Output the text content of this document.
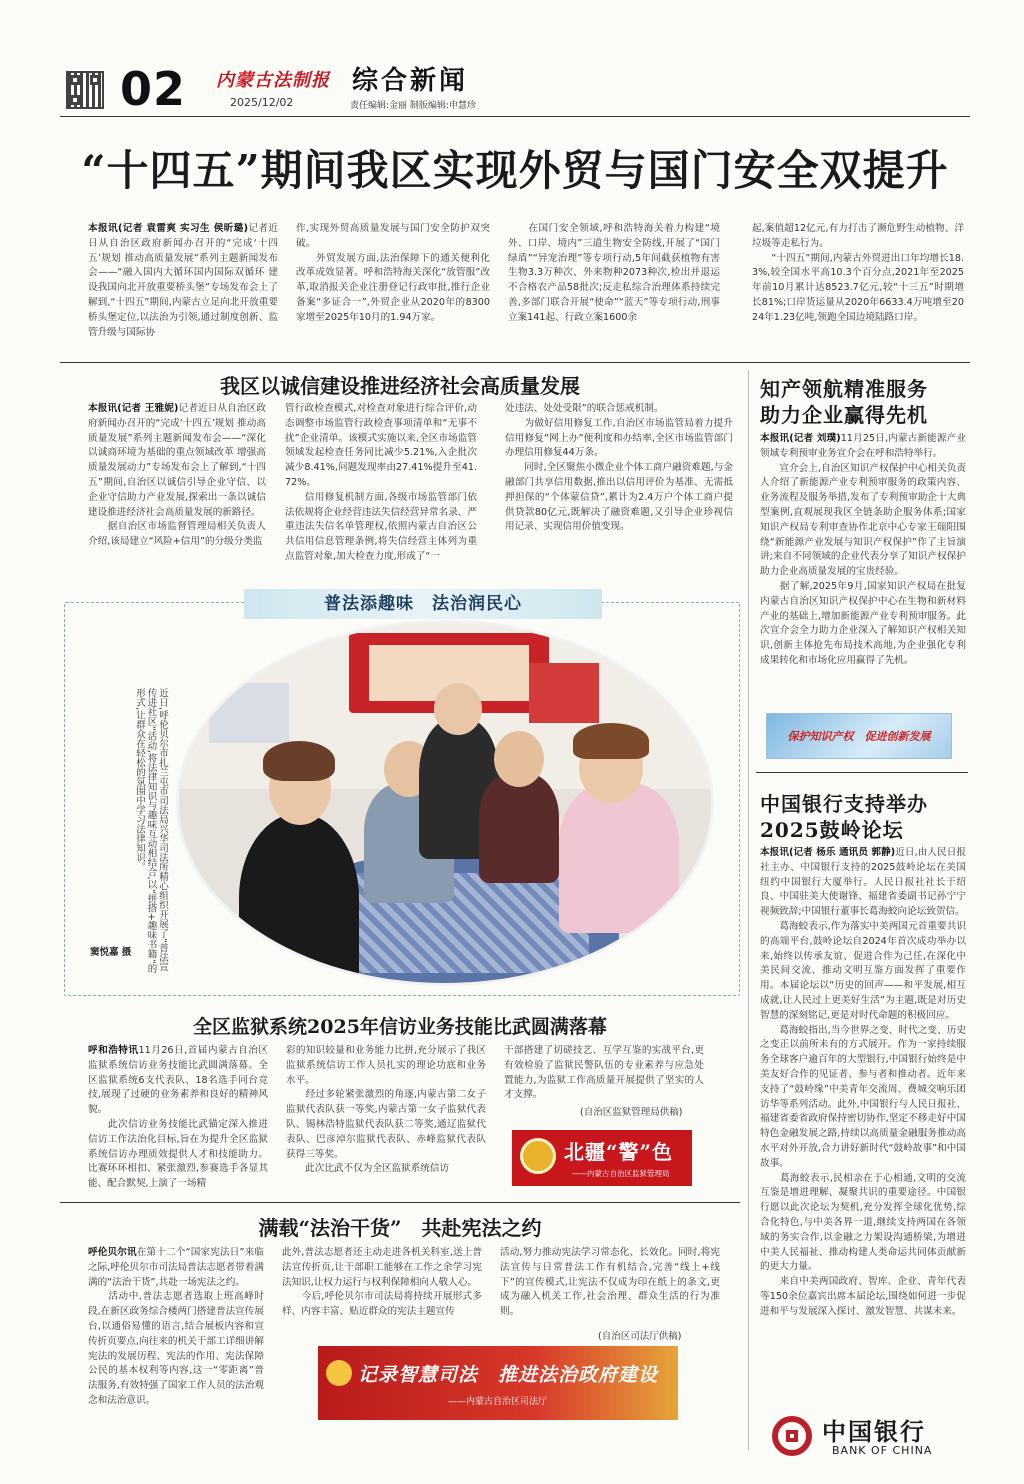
02 内蒙古法制报
2025/12/02
综合新闻
责任编辑:金丽 制版编辑:申慧珍
“十四五”期间我区实现外贸与国门安全双提升
本报讯(记者 袁雷爽 实习生 侯昕璐)记者近日从自治区政府新闻办召开的“完成‘十四五’规划 推动高质量发展”系列主题新闻发布会——“融入国内大循环国内国际双循环 建设我国向北开放重要桥头堡”专场发布会上了解到,“十四五”期间,内蒙古立足向北开放重要桥头堡定位,以法治为引领,通过制度创新、监管升级与国际协
作,实现外贸高质量发展与国门安全防护双突破。
　　外贸发展方面,法治保障下的通关便利化改革成效显著。呼和浩特海关深化“放管服”改革,取消报关企业注册登记行政审批,推行企业备案“多证合一”,外贸企业从2020年的8300家增至2025年10月的1.94万家。
　　在国门安全领域,呼和浩特海关着力构建“境外、口岸、境内”三道生物安全防线,开展了“国门绿盾”“异宠治理”等专项行动,5年间截获植物有害生物3.3万种次、外来物种2073种次,检出并退运不合格农产品58批次;反走私综合治理体系持续完善,多部门联合开展“使命”“蓝天”等专项行动,刑事立案141起、行政立案1600余
起,案值超12亿元,有力打击了濒危野生动植物、洋垃圾等走私行为。
　　“十四五”期间,内蒙古外贸进出口年均增长18.3%,较全国水平高10.3个百分点,2021年至2025年前10月累计达8523.7亿元,较“十三五”时期增长81%;口岸货运量从2020年6633.4万吨增至2024年1.23亿吨,领跑全国边境陆路口岸。
我区以诚信建设推进经济社会高质量发展
本报讯(记者 王雅妮)记者近日从自治区政府新闻办召开的“完成‘十四五’规划 推动高质量发展”系列主题新闻发布会——“深化以诚商环境为基础的重点领域改革 增强高质量发展动力”专场发布会上了解到,“十四五”期间,自治区以诚信引导企业守信、以企业守信助力产业发展,探索出一条以诚信建设推进经济社会高质量发展的新路径。
　　据自治区市场监督管理局相关负责人介绍,该局建立“风险+信用”的分级分类监
管行政检查模式,对检查对象进行综合评价,动态调整市场监管行政检查事项清单和“无事不扰”企业清单。该模式实施以来,全区市场监管领域发起检查任务同比减少5.21%,入企批次减少8.41%,问题发现率由27.41%提升至41.72%。
　　信用修复机制方面,各级市场监管部门依法依规将企业经营违法失信经营异常名录、严重违法失信名单管理权,依照内蒙古自治区公共信用信息管理条例,将失信经营主体列为重点监管对象,加大检查力度,形成了“一
处违法、处处受限”的联合惩戒机制。
　　为做好信用修复工作,自治区市场监管局着力提升信用修复“网上办”便利度和办结率,全区市场监管部门办理信用修复44万条。
　　同时,全区聚焦小微企业个体工商户融资难题,与金融部门共享信用数据,推出以信用评价为基准、无需抵押担保的“个体蒙信贷”,累计为2.4万户个体工商户提供贷款80亿元,既解决了融资难题,又引导企业珍视信用记录、实现信用价值变现。
普法添趣味　法治润民心
近日,呼伦贝尔市扎兰屯市司法局兴华司法所精心组织开展了“普法宣传进社区”活动,将法律知识与趣味互动相结合,以“拼搭+趣味书籍”的形式,让群众在轻松的氛围中学习法律知识。
窦悦嘉 摄
知产领航精准服务
助力企业赢得先机
本报讯(记者 刘璞)11月25日,内蒙古新能源产业领域专利预审业务宣介会在呼和浩特举行。
　　宣介会上,自治区知识产权保护中心相关负责人介绍了新能源产业专利预审服务的政策内容、业务流程及服务举措,发布了专利预审助企十大典型案例,直观展现我区全链条助企服务体系;国家知识产权局专利审查协作北京中心专家王瑞阳围绕“新能源产业发展与知识产权保护”作了主旨演讲;来自不同领域的企业代表分享了知识产权保护助力企业高质量发展的宝贵经验。
　　据了解,2025年9月,国家知识产权局在批复内蒙古自治区知识产权保护中心在生物和新材料产业的基础上,增加新能源产业专利预审服务。此次宣介会全力助力企业深入了解知识产权相关知识,创新主体抢先布局技术高地,为企业强化专利成果转化和市场化应用赢得了先机。
保护知识产权　促进创新发展
中国银行支持举办
2025鼓岭论坛
本报讯(记者 杨乐 通讯员 郭静)近日,由人民日报社主办、中国银行支持的2025鼓岭论坛在美国纽约中国银行大厦举行。人民日报社社长于绍良、中国驻美大使谢锋、福建省委副书记孙宁宁视频致辞;中国银行董事长葛海蛟向论坛致贺信。
　　葛海蛟表示,作为落实中美两国元首重要共识的高端平台,鼓岭论坛自2024年首次成功举办以来,始终以传承友谊、促进合作为己任,在深化中美民间交流、推动文明互鉴方面发挥了重要作用。本届论坛以“历史的回声——和平发展,相互成就,让人民过上更美好生活”为主题,既是对历史智慧的深刻铭记,更是对时代命题的积极回应。
　　葛海蛟指出,当今世界之变、时代之变、历史之变正以前所未有的方式展开。作为一家持续服务全球客户逾百年的大型银行,中国银行始终是中美友好合作的见证者、参与者和推动者。近年来支持了“鼓岭缘”中美青年交流周、费城交响乐团访华等系列活动。此外,中国银行与人民日报社、福建省委省政府保持密切协作,坚定不移走好中国特色金融发展之路,持续以高质量金融服务推动高水平对外开放,合力讲好新时代“鼓岭故事”和中国故事。
　　葛海蛟表示,民相亲在于心相通,文明的交流互鉴是增进理解、凝聚共识的重要途径。中国银行愿以此次论坛为契机,充分发挥全球化优势,综合化特色,与中美各界一道,继续支持两国在各领域的务实合作,以金融之力架设沟通桥梁,为增进中美人民福祉、推动构建人类命运共同体贡献新的更大力量。
　　来自中美两国政府、智库、企业、青年代表等150余位嘉宾出席本届论坛,围绕如何进一步促进和平与发展深入探讨、激发智慧、共谋未来。
中国银行
BANK OF CHINA
全区监狱系统2025年信访业务技能比武圆满落幕
呼和浩特讯11月26日,首届内蒙古自治区监狱系统信访业务技能比武圆满落幕。全区监狱系统6支代表队、18名选手同台竞技,展现了过硬的业务素养和良好的精神风貌。
　　此次信访业务技能比武锚定深入推进信访工作法治化目标,旨在为提升全区监狱系统信访办理质效提供人才和技能助力。比赛环环相扣、紧张激烈,参赛选手各显其能、配合默契,上演了一场精
彩的知识较量和业务能力比拼,充分展示了我区监狱系统信访工作人员扎实的理论功底和业务水平。
　　经过多轮紧张激烈的角逐,内蒙古第二女子监狱代表队获一等奖,内蒙古第一女子监狱代表队、锡林浩特监狱代表队获二等奖,通辽监狱代表队、巴彦淖尔监狱代表队、赤峰监狱代表队获得三等奖。
　　此次比武不仅为全区监狱系统信访
干部搭建了切磋技艺、互学互鉴的实战平台,更有效检验了监狱民警队伍的专业素养与应急处置能力,为监狱工作高质量开展提供了坚实的人才支撑。
(自治区监狱管理局供稿)
北疆“警”色
——内蒙古自治区监狱管理局
满载“法治干货”　共赴宪法之约
呼伦贝尔讯在第十二个“国家宪法日”来临之际,呼伦贝尔市司法局普法志愿者带着满满的“法治干货”,共赴一场宪法之约。
　　活动中,普法志愿者选取上班高峰时段,在新区政务综合楼两门搭建普法宣传展台,以通俗易懂的语言,结合展板内容和宣传折页要点,向往来的机关干部工详细讲解宪法的发展历程、宪法的作用、宪法保障公民的基本权利等内容,这一“零距离”普法服务,有效特强了国家工作人员的法治观念和法治意识。
此外,普法志愿者还主动走进各机关科室,送上普法宣传折页,让干部职工能够在工作之余学习宪法知识,让权力运行与权利保障相向人敬人心。
　　今后,呼伦贝尔市司法局将持续开展形式多样、内容丰富、贴近群众的宪法主题宣传
活动,努力推动宪法学习常态化、长效化。同时,将宪法宣传与日常普法工作有机结合,完善“线上+线下”的宣传模式,让宪法不仅成为印在纸上的条文,更成为融入机关工作,社会治理、群众生活的行为准则。
(自治区司法厅供稿)
记录智慧司法　推进法治政府建设
——内蒙古自治区司法厅
